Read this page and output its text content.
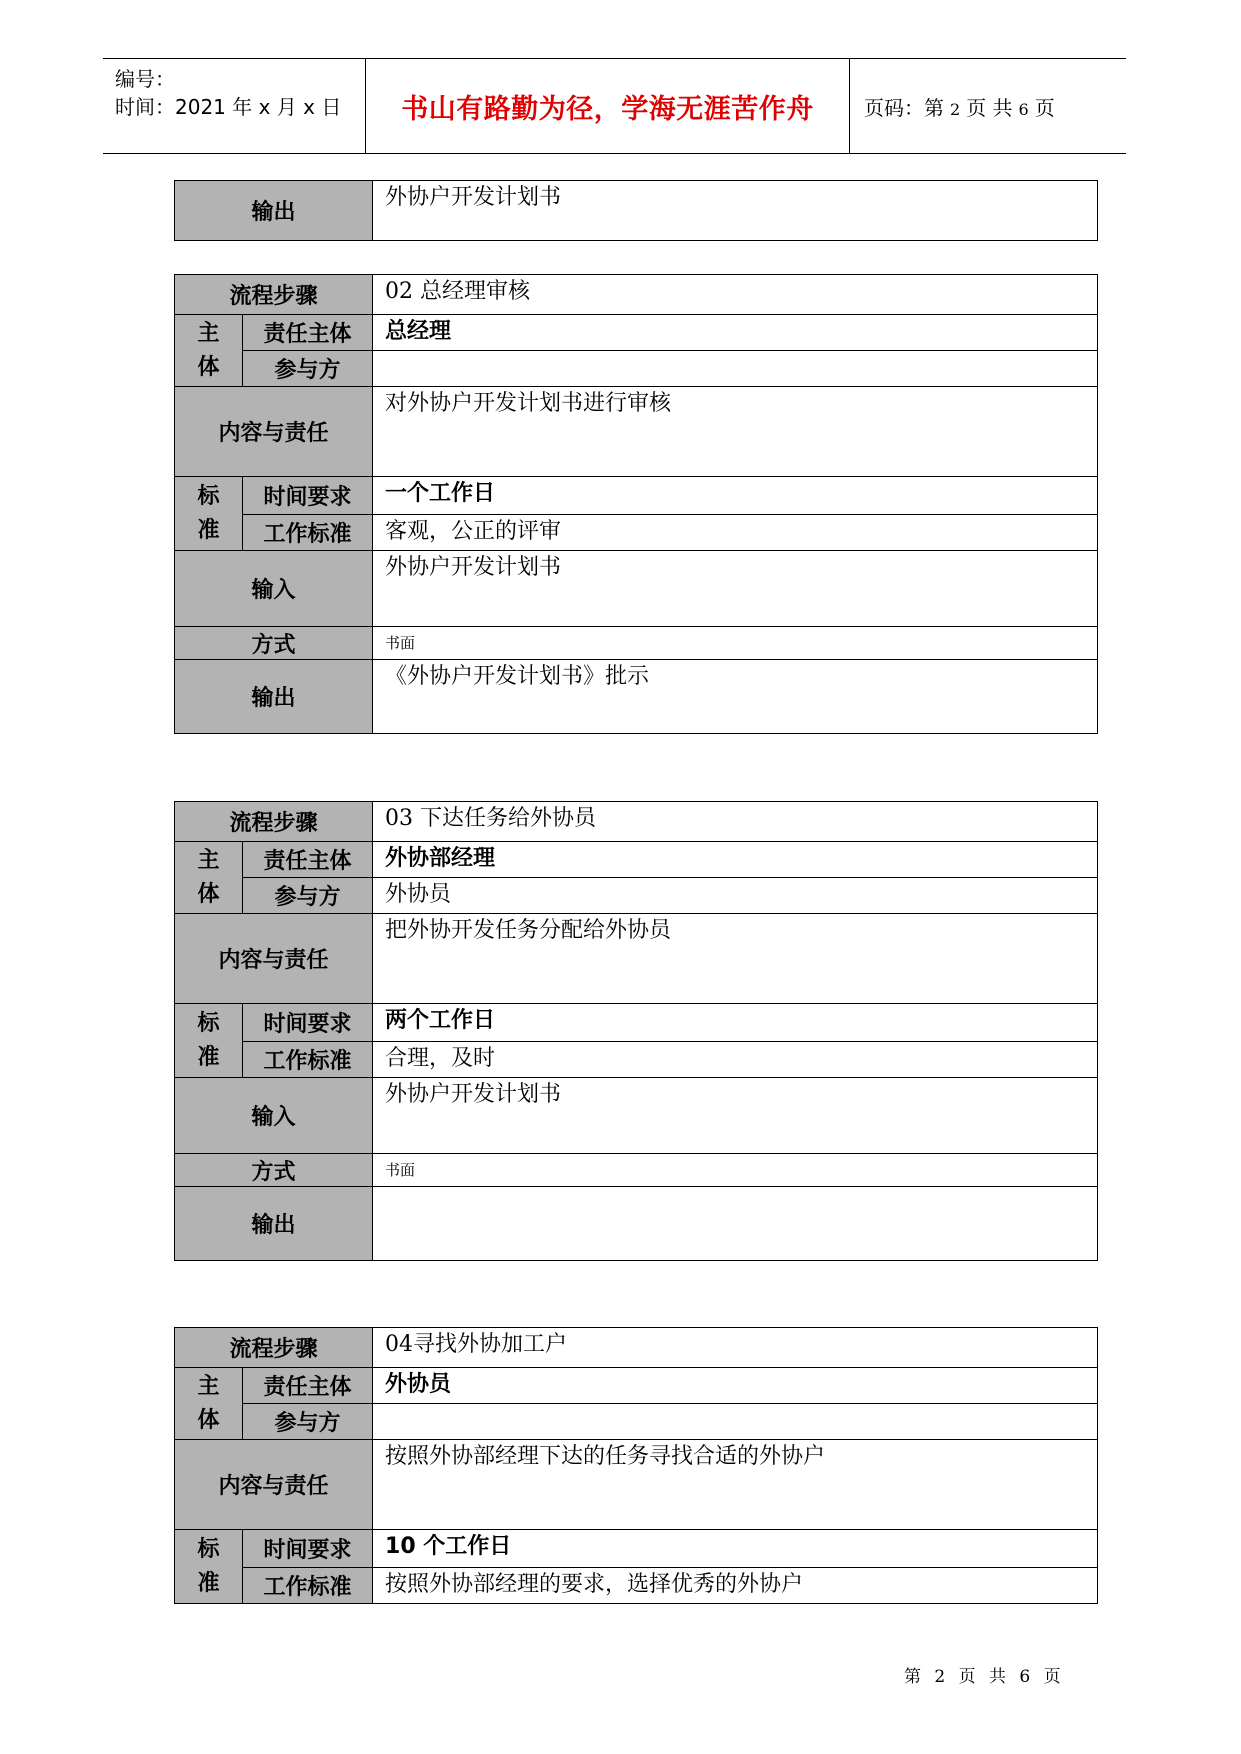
编号：
时间：2021 年 x 月 x 日 书山有路勤为径，学海无涯苦作舟	页码：第 2 页 共 6 页
输出	外协户开发计划书
流程步骤		02 总经理审核
主
体	责任主体	总经理
	参与方	
内容与责任		对外协户开发计划书进行审核
标
准	时间要求	一个工作日
	工作标准	客观，公正的评审
输入		外协户开发计划书
方式		书面
输出		《外协户开发计划书》批示
流程步骤		03 下达任务给外协员
主
体	责任主体	外协部经理
	参与方	外协员
内容与责任		把外协开发任务分配给外协员
标
准	时间要求	两个工作日
	工作标准	合理，及时
输入		外协户开发计划书
方式		书面
输出		
流程步骤		04寻找外协加工户
主
体	责任主体	外协员
	参与方	
内容与责任		按照外协部经理下达的任务寻找合适的外协户
标
准	时间要求	10 个工作日
	工作标准	按照外协部经理的要求，选择优秀的外协户
第 2 页 共 6 页
